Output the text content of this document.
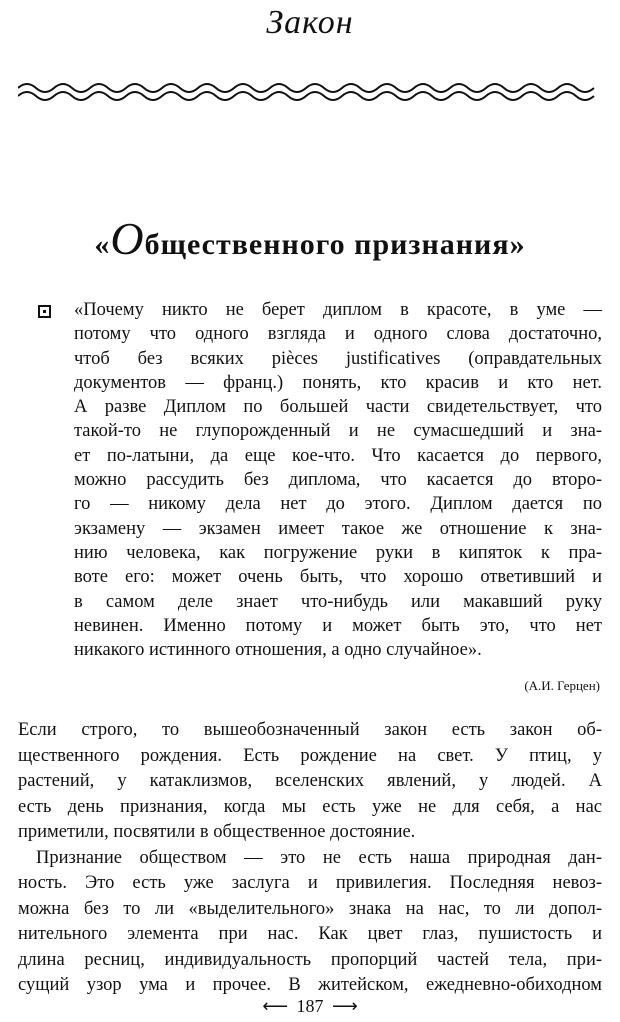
Закон
«Общественного признания»
«Почему никто не берет диплом в красоте, в уме —
потому что одного взгляда и одного слова достаточно,
чтоб без всяких pièces justificatives (оправдательных
документов — франц.) понять, кто красив и кто нет.
А разве Диплом по большей части свидетельствует, что
такой-то не глупорожденный и не сумасшедший и зна-
ет по-латыни, да еще кое-что. Что касается до первого,
можно рассудить без диплома, что касается до второ-
го — никому дела нет до этого. Диплом дается по
экзамену — экзамен имеет такое же отношение к зна-
нию человека, как погружение руки в кипяток к пра-
воте его: может очень быть, что хорошо ответивший и
в самом деле знает что-нибудь или макавший руку
невинен. Именно потому и может быть это, что нет
никакого истинного отношения, а одно случайное».
(А.И. Герцен)
Если строго, то вышеобозначенный закон есть закон об-
щественного рождения. Есть рождение на свет. У птиц, у
растений, у катаклизмов, вселенских явлений, у людей. А
есть день признания, когда мы есть уже не для себя, а нас
приметили, посвятили в общественное достояние.
Признание обществом — это не есть наша природная дан-
ность. Это есть уже заслуга и привилегия. Последняя невоз-
можна без то ли «выделительного» знака на нас, то ли допол-
нительного элемента при нас. Как цвет глаз, пушистость и
длина ресниц, индивидуальность пропорций частей тела, при-
сущий узор ума и прочее. В житейском, ежедневно-обиходном
⟵ 187 ⟶
